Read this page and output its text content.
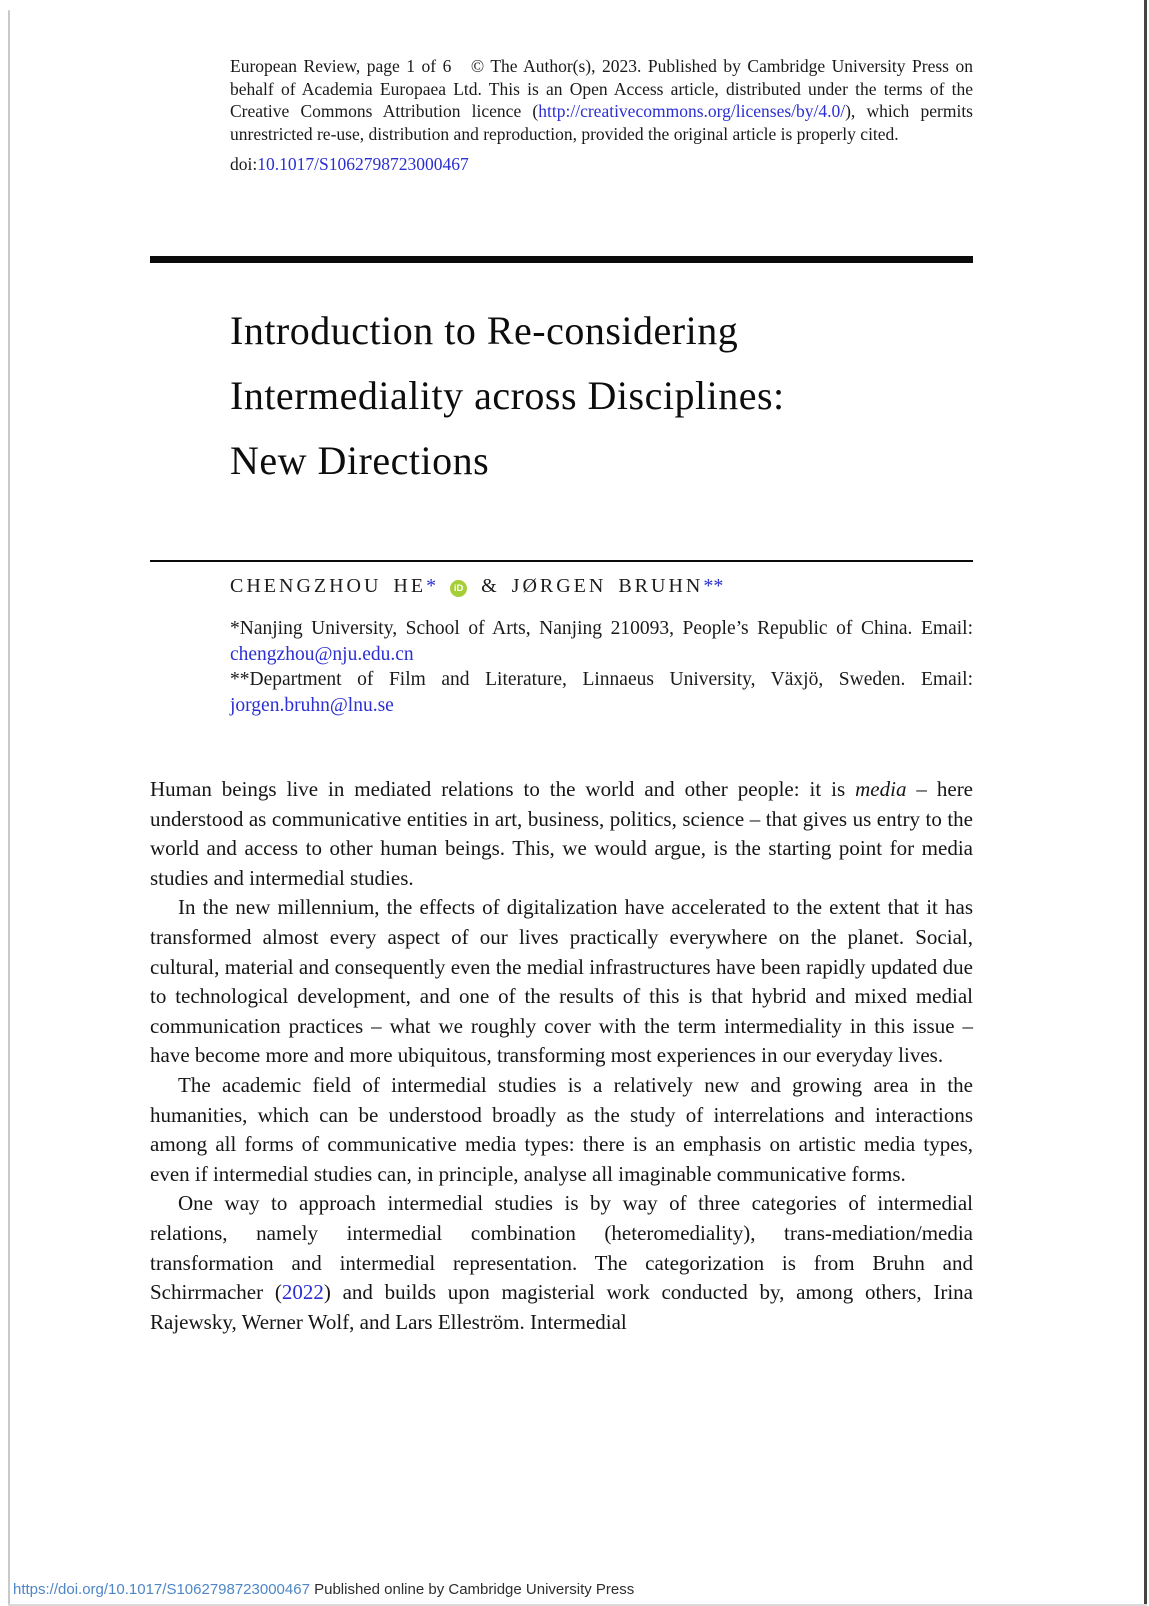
European Review, page 1 of 6   © The Author(s), 2023. Published by Cambridge University Press on behalf of Academia Europaea Ltd. This is an Open Access article, distributed under the terms of the Creative Commons Attribution licence (http://creativecommons.org/licenses/by/4.0/), which permits unrestricted re-use, distribution and reproduction, provided the original article is properly cited.

doi:10.1017/S1062798723000467

Introduction to Re-considering
Intermediality across Disciplines:
New Directions

CHENGZHOU HE* iD & JØRGEN BRUHN**

*Nanjing University, School of Arts, Nanjing 210093, People’s Republic of China. Email: chengzhou@nju.edu.cn

**Department of Film and Literature, Linnaeus University, Växjö, Sweden. Email: jorgen.bruhn@lnu.se

Human beings live in mediated relations to the world and other people: it is media – here understood as communicative entities in art, business, politics, science – that gives us entry to the world and access to other human beings. This, we would argue, is the starting point for media studies and intermedial studies.

In the new millennium, the effects of digitalization have accelerated to the extent that it has transformed almost every aspect of our lives practically everywhere on the planet. Social, cultural, material and consequently even the medial infrastructures have been rapidly updated due to technological development, and one of the results of this is that hybrid and mixed medial communication practices – what we roughly cover with the term intermediality in this issue – have become more and more ubiquitous, transforming most experiences in our everyday lives.

The academic field of intermedial studies is a relatively new and growing area in the humanities, which can be understood broadly as the study of interrelations and interactions among all forms of communicative media types: there is an emphasis on artistic media types, even if intermedial studies can, in principle, analyse all imaginable communicative forms.

One way to approach intermedial studies is by way of three categories of intermedial relations, namely intermedial combination (heteromediality), trans-mediation/media transformation and intermedial representation. The categorization is from Bruhn and Schirrmacher (2022) and builds upon magisterial work conducted by, among others, Irina Rajewsky, Werner Wolf, and Lars Elleström. Intermedial

https://doi.org/10.1017/S1062798723000467 Published online by Cambridge University Press
